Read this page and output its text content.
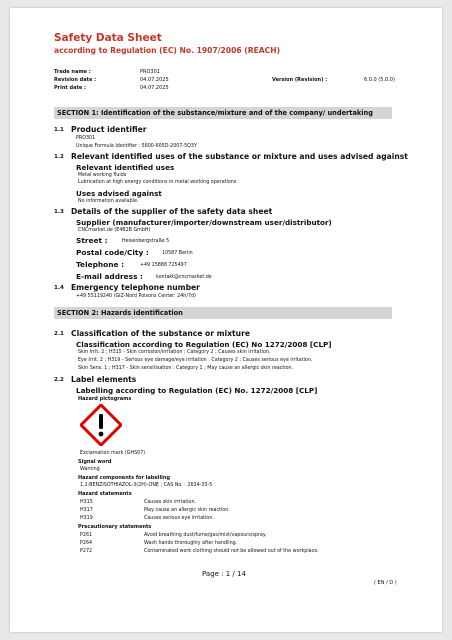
Safety Data Sheet
according to Regulation (EC) No. 1907/2006 (REACH)
Trade name :	PRO301
Revision date :	04.07.2025
Print date :	04.07.2025
Version (Revision) :	6.0.0 (5.0.0)
SECTION 1: Identification of the substance/mixture and of the company/ undertaking
1.1 Product identifier
PRO301
Unique Formula Identifier : 5600-605D-2007-5Q3Y
1.2 Relevant identified uses of the substance or mixture and uses advised against
Relevant identified uses
Metal working fluids
Lubrication at high energy conditions in metal working operations
Uses advised against
No information available.
1.3 Details of the supplier of the safety data sheet
Supplier (manufacturer/importer/downstream user/distributor)
CNCmarket.de (E4B2B GmbH)
Street :	Heisenbergstraße 5
Postal code/City :	10587 Berlin
Telephone :	+49 15888 725497
E-mail address :	kontakt@cncmarket.de
1.4 Emergency telephone number
+49 55119240 (GIZ-Nord Poisons Center: 24h/7d)
SECTION 2: Hazards identification
2.1 Classification of the substance or mixture
Classification according to Regulation (EC) No 1272/2008 [CLP]
Skin Irrit. 2 ; H315 - Skin corrosion/irritation : Category 2 ; Causes skin irritation.
Eye Irrit. 2 ; H319 - Serious eye damage/eye irritation : Category 2 ; Causes serious eye irritation.
Skin Sens. 1 ; H317 - Skin sensitisation : Category 1 ; May cause an allergic skin reaction.
2.2 Label elements
Labelling according to Regulation (EC) No. 1272/2008 [CLP]
Hazard pictograms
Exclamation mark (GHS07)
Signal word
Warning
Hazard components for labelling
1,2-BENZISOTHIAZOL-3(2H)-ONE ; CAS No. : 2634-33-5
Hazard statements
H315	Causes skin irritation.
H317	May cause an allergic skin reaction.
H319	Causes serious eye irritation.
Precautionary statements
P261	Avoid breathing dust/fume/gas/mist/vapours/spray.
P264	Wash hands thoroughly after handling.
P272	Contaminated work clothing should not be allowed out of the workplace.
Page : 1 / 14
( EN / D )
